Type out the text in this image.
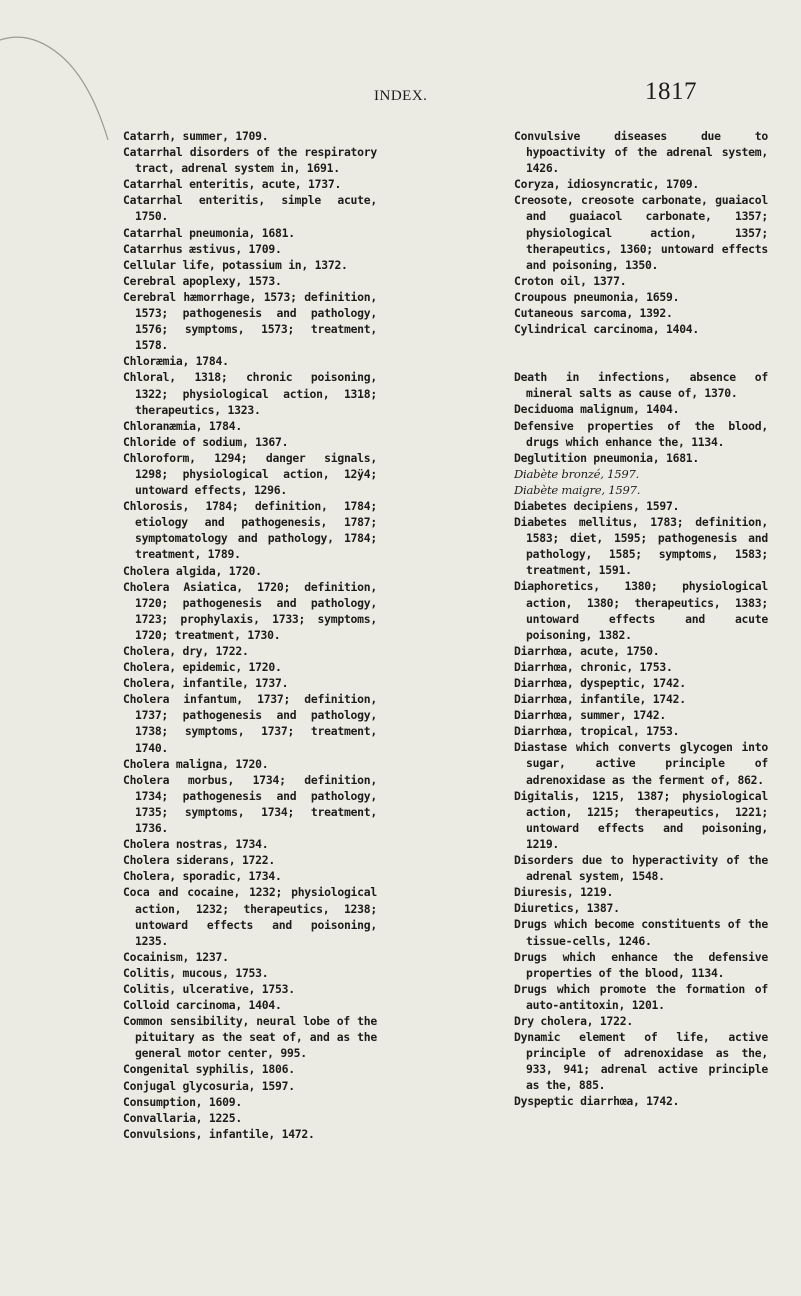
INDEX.	1817
Catarrh, summer, 1709.
Catarrhal disorders of the respiratory tract, adrenal system in, 1691.
Catarrhal enteritis, acute, 1737.
Catarrhal enteritis, simple acute, 1750.
Catarrhal pneumonia, 1681.
Catarrhus æstivus, 1709.
Cellular life, potassium in, 1372.
Cerebral apoplexy, 1573.
Cerebral hæmorrhage, 1573; definition, 1573; pathogenesis and pathology, 1576; symptoms, 1573; treatment, 1578.
Chloræmia, 1784.
Chloral, 1318; chronic poisoning, 1322; physiological action, 1318; therapeutics, 1323.
Chloranæmia, 1784.
Chloride of sodium, 1367.
Chloroform, 1294; danger signals, 1298; physiological action, 12ÿ4; untoward effects, 1296.
Chlorosis, 1784; definition, 1784; etiology and pathogenesis, 1787; symptomatology and pathology, 1784; treatment, 1789.
Cholera algida, 1720.
Cholera Asiatica, 1720; definition, 1720; pathogenesis and pathology, 1723; prophylaxis, 1733; symptoms, 1720; treatment, 1730.
Cholera, dry, 1722.
Cholera, epidemic, 1720.
Cholera, infantile, 1737.
Cholera infantum, 1737; definition, 1737; pathogenesis and pathology, 1738; symptoms, 1737; treatment, 1740.
Cholera maligna, 1720.
Cholera morbus, 1734; definition, 1734; pathogenesis and pathology, 1735; symptoms, 1734; treatment, 1736.
Cholera nostras, 1734.
Cholera siderans, 1722.
Cholera, sporadic, 1734.
Coca and cocaine, 1232; physiological action, 1232; therapeutics, 1238; untoward effects and poisoning, 1235.
Cocainism, 1237.
Colitis, mucous, 1753.
Colitis, ulcerative, 1753.
Colloid carcinoma, 1404.
Common sensibility, neural lobe of the pituitary as the seat of, and as the general motor center, 995.
Congenital syphilis, 1806.
Conjugal glycosuria, 1597.
Consumption, 1609.
Convallaria, 1225.
Convulsions, infantile, 1472.
Convulsive diseases due to hypoactivity of the adrenal system, 1426.
Coryza, idiosyncratic, 1709.
Creosote, creosote carbonate, guaiacol and guaiacol carbonate, 1357; physiological action, 1357; therapeutics, 1360; untoward effects and poisoning, 1350.
Croton oil, 1377.
Croupous pneumonia, 1659.
Cutaneous sarcoma, 1392.
Cylindrical carcinoma, 1404.
Death in infections, absence of mineral salts as cause of, 1370.
Deciduoma malignum, 1404.
Defensive properties of the blood, drugs which enhance the, 1134.
Deglutition pneumonia, 1681.
Diabète bronzé, 1597.
Diabète maigre, 1597.
Diabetes decipiens, 1597.
Diabetes mellitus, 1783; definition, 1583; diet, 1595; pathogenesis and pathology, 1585; symptoms, 1583; treatment, 1591.
Diaphoretics, 1380; physiological action, 1380; therapeutics, 1383; untoward effects and acute poisoning, 1382.
Diarrhœa, acute, 1750.
Diarrhœa, chronic, 1753.
Diarrhœa, dyspeptic, 1742.
Diarrhœa, infantile, 1742.
Diarrhœa, summer, 1742.
Diarrhœa, tropical, 1753.
Diastase which converts glycogen into sugar, active principle of adrenoxidase as the ferment of, 862.
Digitalis, 1215, 1387; physiological action, 1215; therapeutics, 1221; untoward effects and poisoning, 1219.
Disorders due to hyperactivity of the adrenal system, 1548.
Diuresis, 1219.
Diuretics, 1387.
Drugs which become constituents of the tissue-cells, 1246.
Drugs which enhance the defensive properties of the blood, 1134.
Drugs which promote the formation of auto-antitoxin, 1201.
Dry cholera, 1722.
Dynamic element of life, active principle of adrenoxidase as the, 933, 941; adrenal active principle as the, 885.
Dyspeptic diarrhœa, 1742.
